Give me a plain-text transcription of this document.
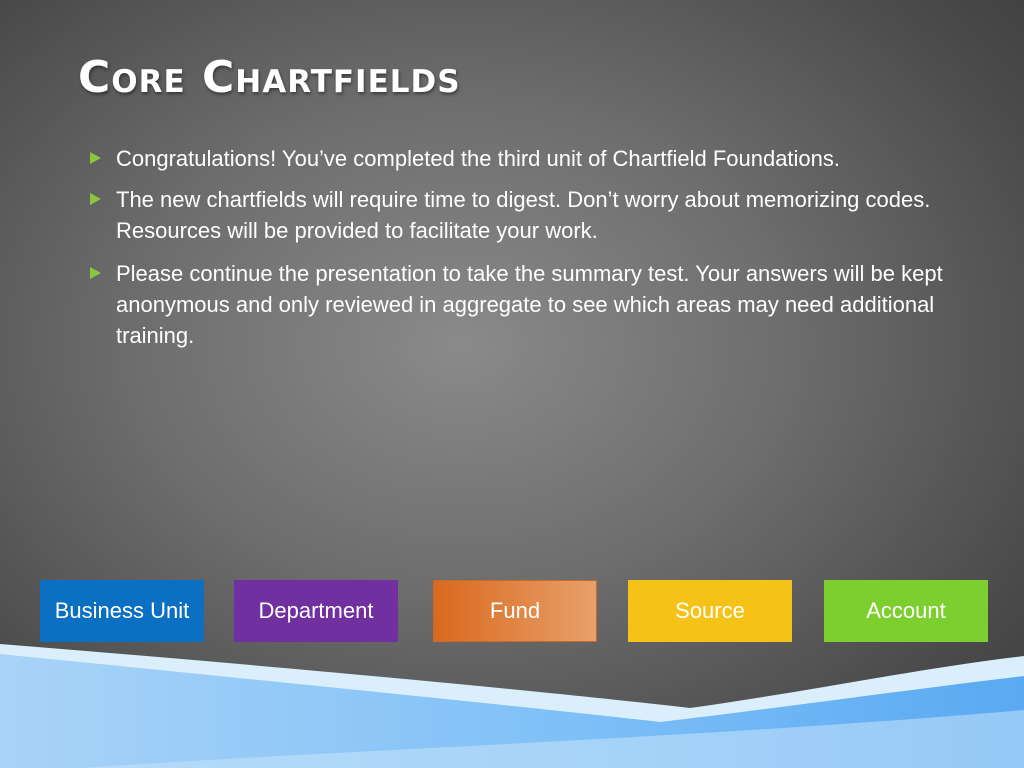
Core Chartfields
Congratulations! You’ve completed the third unit of Chartfield Foundations.
The new chartfields will require time to digest. Don’t worry about memorizing codes. Resources will be provided to facilitate your work.
Please continue the presentation to take the summary test. Your answers will be kept anonymous and only reviewed in aggregate to see which areas may need additional training.
Business Unit	Department	Fund	Source	Account
